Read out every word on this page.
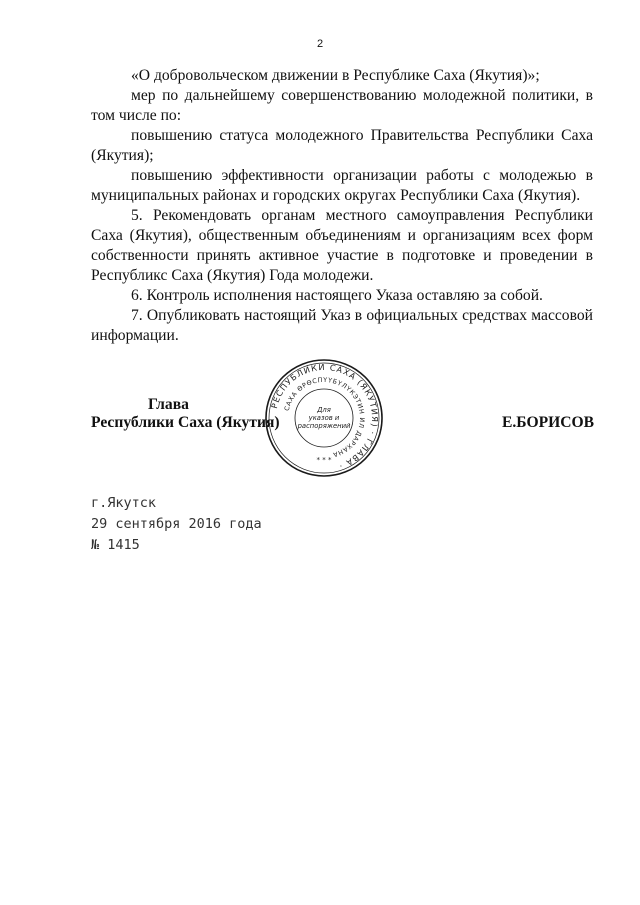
2

«О добровольческом движении в Республике Саха (Якутия)»;

мер по дальнейшему совершенствованию молодежной политики, в том числе по:

повышению статуса молодежного Правительства Республики Саха (Якутия);

повышению эффективности организации работы с молодежью в муниципальных районах и городских округах Республики Саха (Якутия).

5. Рекомендовать органам местного самоуправления Республики Саха (Якутия), общественным объединениям и организациям всех форм собственности принять активное участие в подготовке и проведении в Республикс Саха (Якутия) Года молодежи.

6. Контроль исполнения настоящего Указа оставляю за собой.

7. Опубликовать настоящий Указ в официальных средствах массовой информации.

Глава
Республики Саха (Якутия)	Е.БОРИСОВ
РЕСПУБЛИКИ САХА (ЯКУТИЯ) · ГЛАВА ·
САХА ӨРӨСПҮҮБҮЛҮКЭТИН ИЛ ДАРХАНА
Для
указов и
распоряжений
* * *
г.Якутск
29 сентября 2016 года
№ 1415
